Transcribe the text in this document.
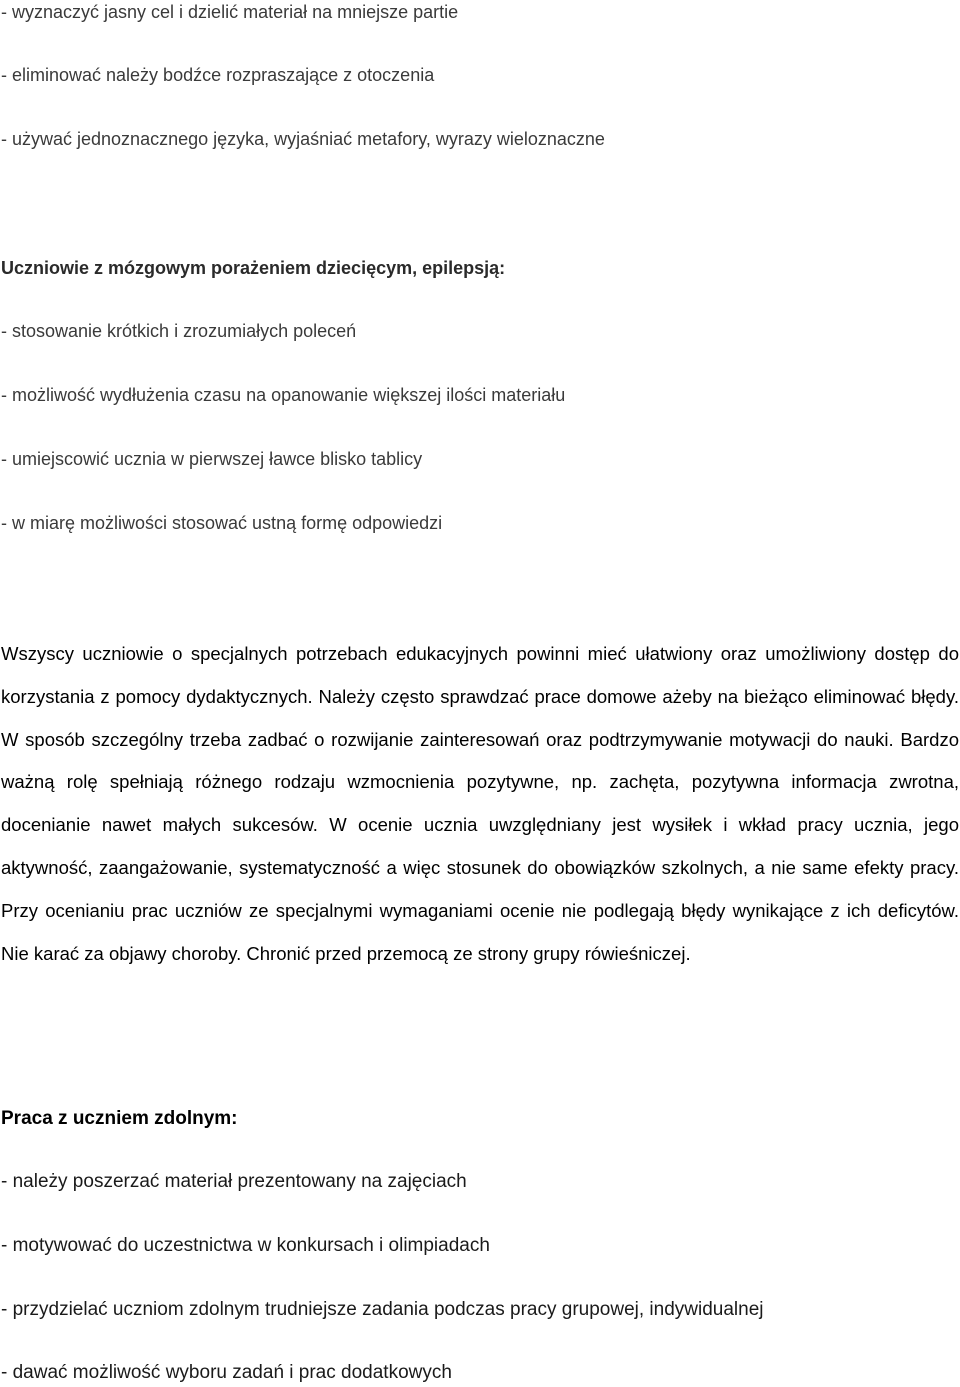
- wyznaczyć jasny cel i dzielić materiał na mniejsze partie

- eliminować należy bodźce rozpraszające z otoczenia

- używać jednoznacznego języka, wyjaśniać metafory, wyrazy wieloznaczne

Uczniowie z mózgowym porażeniem dziecięcym, epilepsją:

- stosowanie krótkich i zrozumiałych poleceń

- możliwość wydłużenia czasu na opanowanie większej ilości materiału

- umiejscowić ucznia w pierwszej ławce blisko tablicy

- w miarę możliwości stosować ustną formę odpowiedzi

Wszyscy uczniowie o specjalnych potrzebach edukacyjnych powinni mieć ułatwiony oraz umożliwiony dostęp do korzystania z pomocy dydaktycznych. Należy często sprawdzać prace domowe ażeby na bieżąco eliminować błędy. W sposób szczególny trzeba zadbać o rozwijanie zainteresowań oraz podtrzymywanie motywacji do nauki. Bardzo ważną rolę spełniają różnego rodzaju wzmocnienia pozytywne, np. zachęta, pozytywna informacja zwrotna, docenianie nawet małych sukcesów. W ocenie ucznia uwzględniany jest wysiłek i wkład pracy ucznia, jego aktywność, zaangażowanie, systematyczność a więc stosunek do obowiązków szkolnych, a nie same efekty pracy. Przy ocenianiu prac uczniów ze specjalnymi wymaganiami ocenie nie podlegają błędy wynikające z ich deficytów. Nie karać za objawy choroby. Chronić przed przemocą ze strony grupy rówieśniczej.

Praca z uczniem zdolnym:

- należy poszerzać materiał prezentowany na zajęciach

- motywować do uczestnictwa w konkursach i olimpiadach

- przydzielać uczniom zdolnym trudniejsze zadania podczas pracy grupowej, indywidualnej

- dawać możliwość wyboru zadań i prac dodatkowych
